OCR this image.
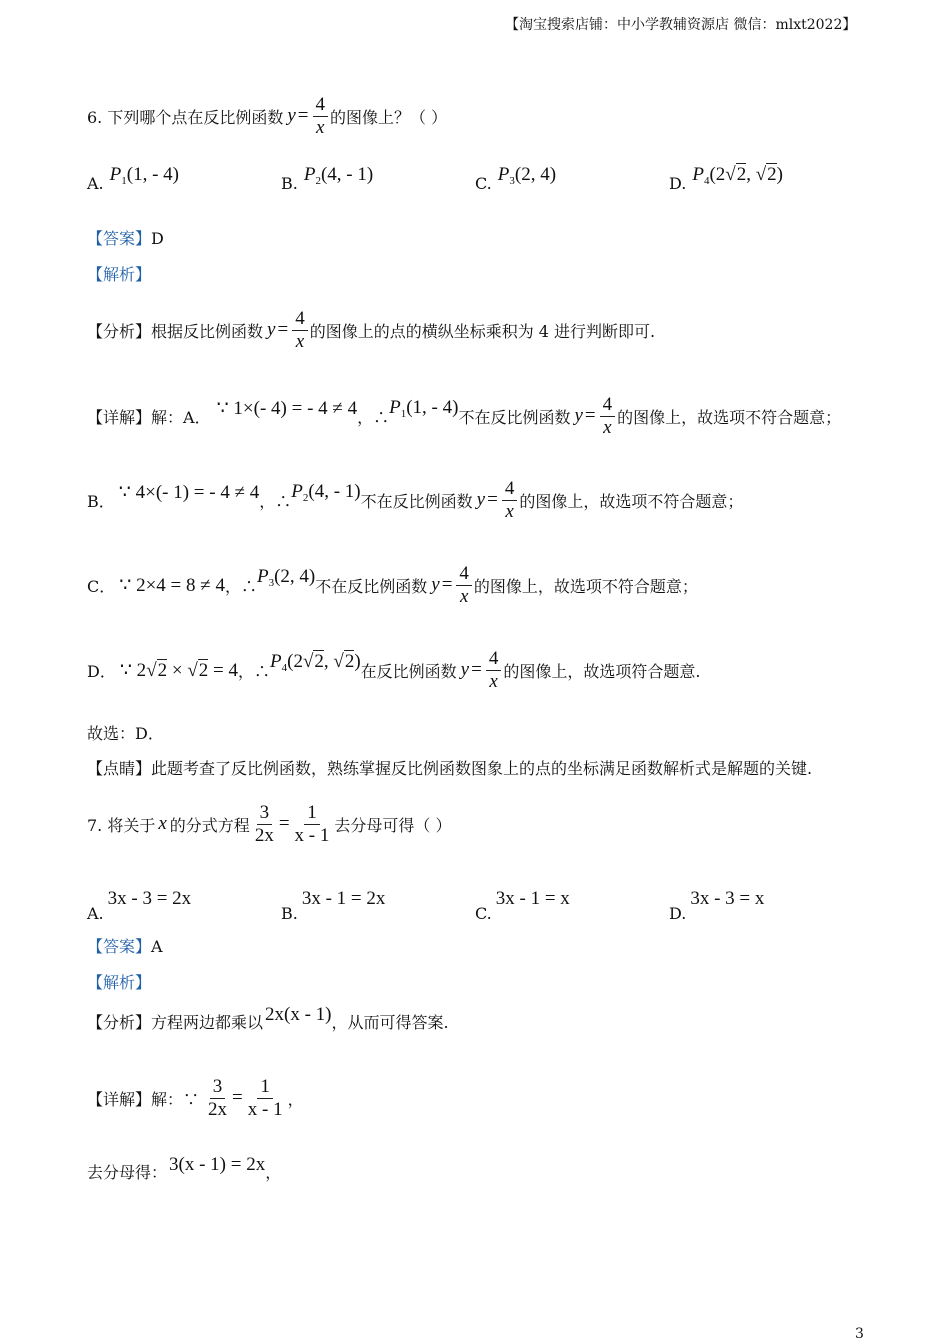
【淘宝搜索店铺：中小学教辅资源店 微信：mlxt2022】
6. 下列哪个点在反比例函数 $y = \frac{4}{x}$ 的图像上？（ ）
A. $P_1(1$, - 4)	B. $P_2(4$, - 1)	C. $P_3(2$, 4)	D. $P_4(2√2$, √2)
【答案】D
【解析】
【分析】 根据反比例函数 $y = \frac{4}{x}$ 的图像上的点的横纵坐标乘积为 4 进行判断即可.
【详解】 解：A． ∵ 1×(- 4) = - 4 ≠ 4 ，∴ $P_1(1$, - 4) 不在反比例函数 $y = \frac{4}{x}$ 的图像上，故选项不符合题意；
B． ∵ 4×(- 1) = - 4 ≠ 4 ，∴ $P_2(4$, - 1) 不在反比例函数 $y = \frac{4}{x}$ 的图像上，故选项不符合题意；
C． ∵ 2×4 = 8 ≠ 4 ，∴ $P_3(2$, 4) 不在反比例函数 $y = \frac{4}{x}$ 的图像上，故选项不符合题意；
D． ∵ 2√2 × √2 = 4 ，∴ $P_4(2√2$, √2) 在反比例函数 $y = \frac{4}{x}$ 的图像上，故选项符合题意.
故选：D．
【点睛】此题考查了反比例函数，熟练掌握反比例函数图象上的点的坐标满足函数解析式是解题的关键.
7. 将关于 x 的分式方程 $\frac{3}{2x} = \frac{1}{x - 1}$ 去分母可得（ ）
A.
3x - 3 = 2x
B.
3x - 1 = 2x
C.
3x - 1 = x
D.
3x - 3 = x
【答案】A
【解析】
【分析】方程两边都乘以 2x(x - 1)，从而可得答案.
【详解】 解：∵ $\frac{3}{2x} = \frac{1}{x - 1}$ ，
去分母得： 3(x - 1) = 2x，
3
